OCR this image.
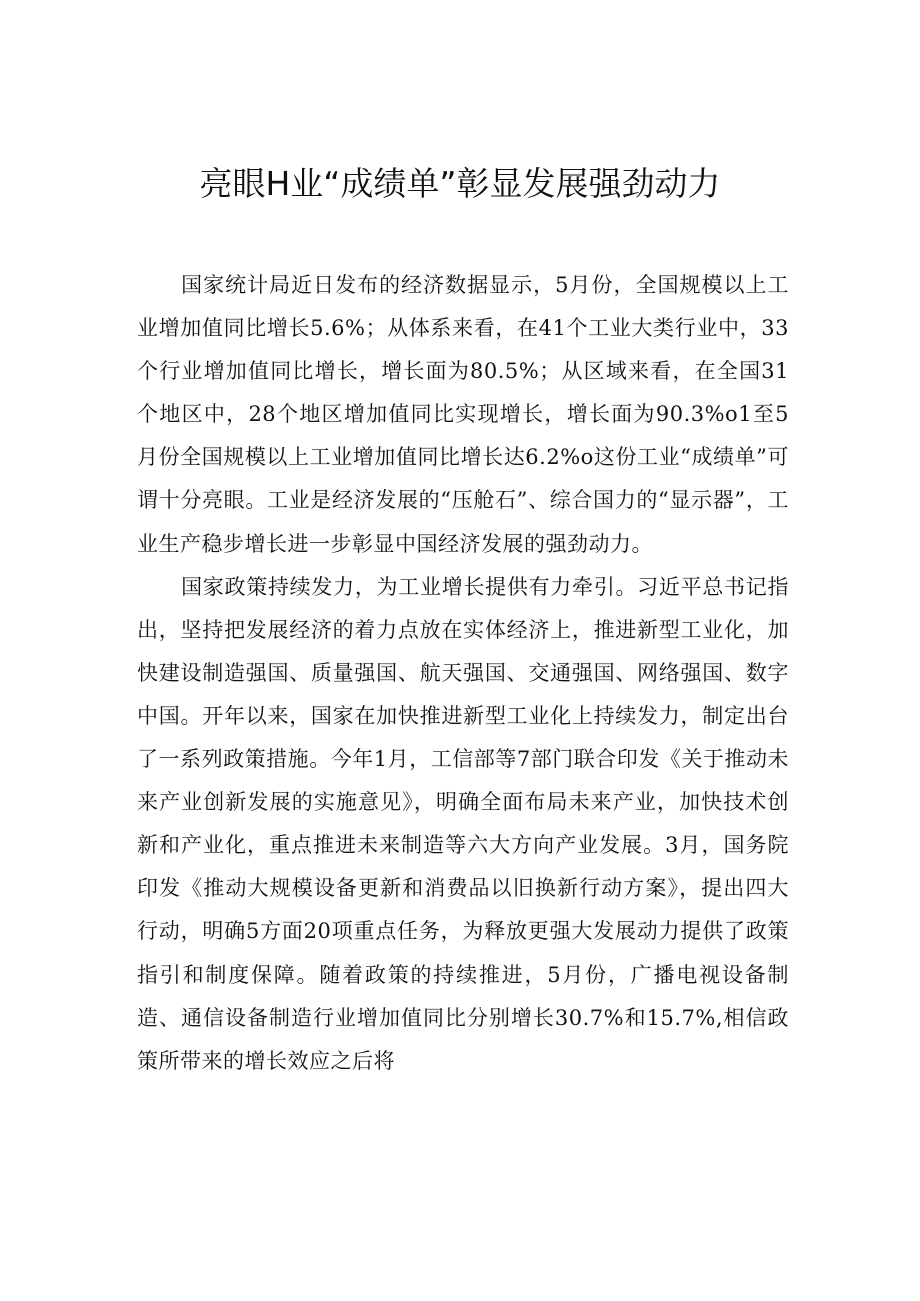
亮眼H业“成绩单”彰显发展强劲动力

国家统计局近日发布的经济数据显示，5月份，全国规模以上工业增加值同比增长5.6%；从体系来看，在41个工业大类行业中，33个行业增加值同比增长，增长面为80.5%；从区域来看，在全国31个地区中，28个地区增加值同比实现增长，增长面为90.3%o1至5月份全国规模以上工业增加值同比增长达6.2%o这份工业“成绩单”可谓十分亮眼。工业是经济发展的“压舱石”、综合国力的“显示器”，工业生产稳步增长进一步彰显中国经济发展的强劲动力。

国家政策持续发力，为工业增长提供有力牵引。习近平总书记指出，坚持把发展经济的着力点放在实体经济上，推进新型工业化，加快建设制造强国、质量强国、航天强国、交通强国、网络强国、数字中国。开年以来，国家在加快推进新型工业化上持续发力，制定出台了一系列政策措施。今年1月，工信部等7部门联合印发《关于推动未来产业创新发展的实施意见》，明确全面布局未来产业，加快技术创新和产业化，重点推进未来制造等六大方向产业发展。3月，国务院印发《推动大规模设备更新和消费品以旧换新行动方案》，提出四大行动，明确5方面20项重点任务，为释放更强大发展动力提供了政策指引和制度保障。随着政策的持续推进，5月份，广播电视设备制造、通信设备制造行业增加值同比分别增长30.7%和15.7%,相信政策所带来的增长效应之后将
